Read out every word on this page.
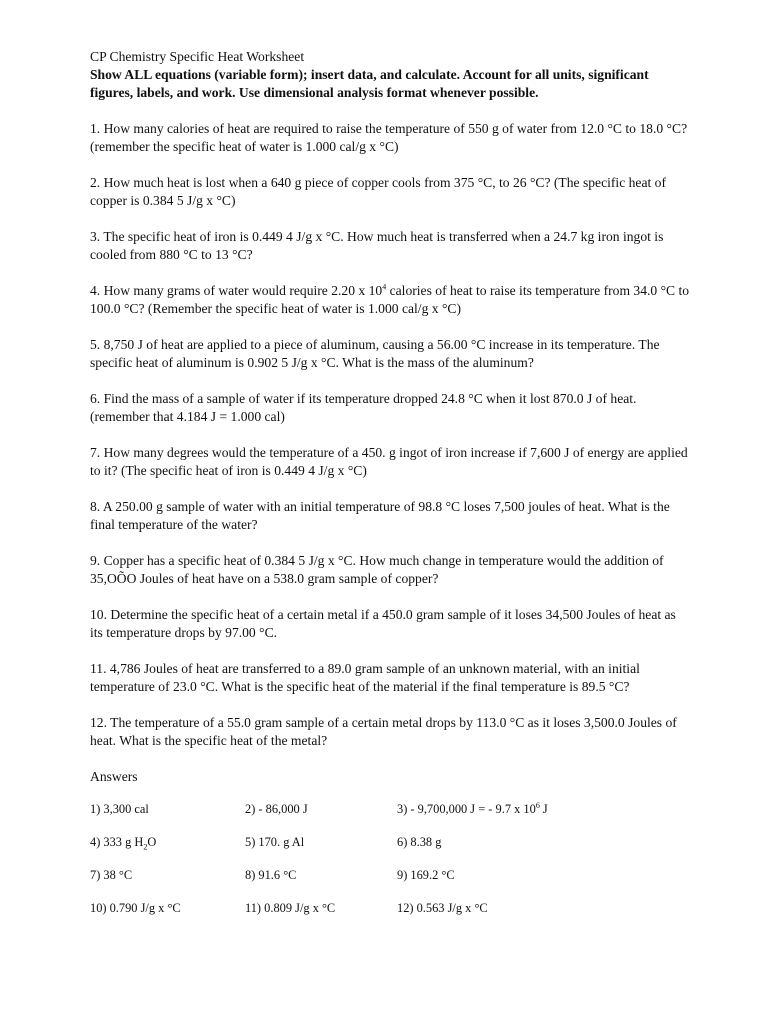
CP Chemistry Specific Heat Worksheet
Show ALL equations (variable form); insert data, and calculate. Account for all units, significant figures, labels, and work. Use dimensional analysis format whenever possible.
1. How many calories of heat are required to raise the temperature of 550 g of water from 12.0 °C to 18.0 °C? (remember the specific heat of water is 1.000 cal/g x °C)
2. How much heat is lost when a 640 g piece of copper cools from 375 °C, to 26 °C? (The specific heat of copper is 0.384 5 J/g x °C)
3. The specific heat of iron is 0.449 4 J/g x °C. How much heat is transferred when a 24.7 kg iron ingot is cooled from 880 °C to 13 °C?
4. How many grams of water would require 2.20 x $10^4$ calories of heat to raise its temperature from 34.0 °C to 100.0 °C? (Remember the specific heat of water is 1.000 cal/g x °C)
5. 8,750 J of heat are applied to a piece of aluminum, causing a 56.00 °C increase in its temperature. The specific heat of aluminum is 0.902 5 J/g x °C. What is the mass of the aluminum?
6. Find the mass of a sample of water if its temperature dropped 24.8 °C when it lost 870.0 J of heat. (remember that 4.184 J = 1.000 cal)
7. How many degrees would the temperature of a 450. g ingot of iron increase if 7,600 J of energy are applied to it? (The specific heat of iron is 0.449 4 J/g x °C)
8. A 250.00 g sample of water with an initial temperature of 98.8 °C loses 7,500 joules of heat. What is the final temperature of the water?
9. Copper has a specific heat of 0.384 5 J/g x °C. How much change in temperature would the addition of 35,OÕO Joules of heat have on a 538.0 gram sample of copper?
10. Determine the specific heat of a certain metal if a 450.0 gram sample of it loses 34,500 Joules of heat as its temperature drops by 97.00 °C.
11. 4,786 Joules of heat are transferred to a 89.0 gram sample of an unknown material, with an initial temperature of 23.0 °C. What is the specific heat of the material if the final temperature is 89.5 °C?
12. The temperature of a 55.0 gram sample of a certain metal drops by 113.0 °C as it loses 3,500.0 Joules of heat. What is the specific heat of the metal?
Answers
1) 3,300 cal	2) - 86,000 J	3) - 9,700,000 J = - 9.7 x $10^6$ J
4) 333 g $H_2O$	5) 170. g Al	6) 8.38 g
7) 38 °C	8) 91.6 °C	9) 169.2 °C
10) 0.790 J/g x °C	11) 0.809 J/g x °C	12) 0.563 J/g x °C
